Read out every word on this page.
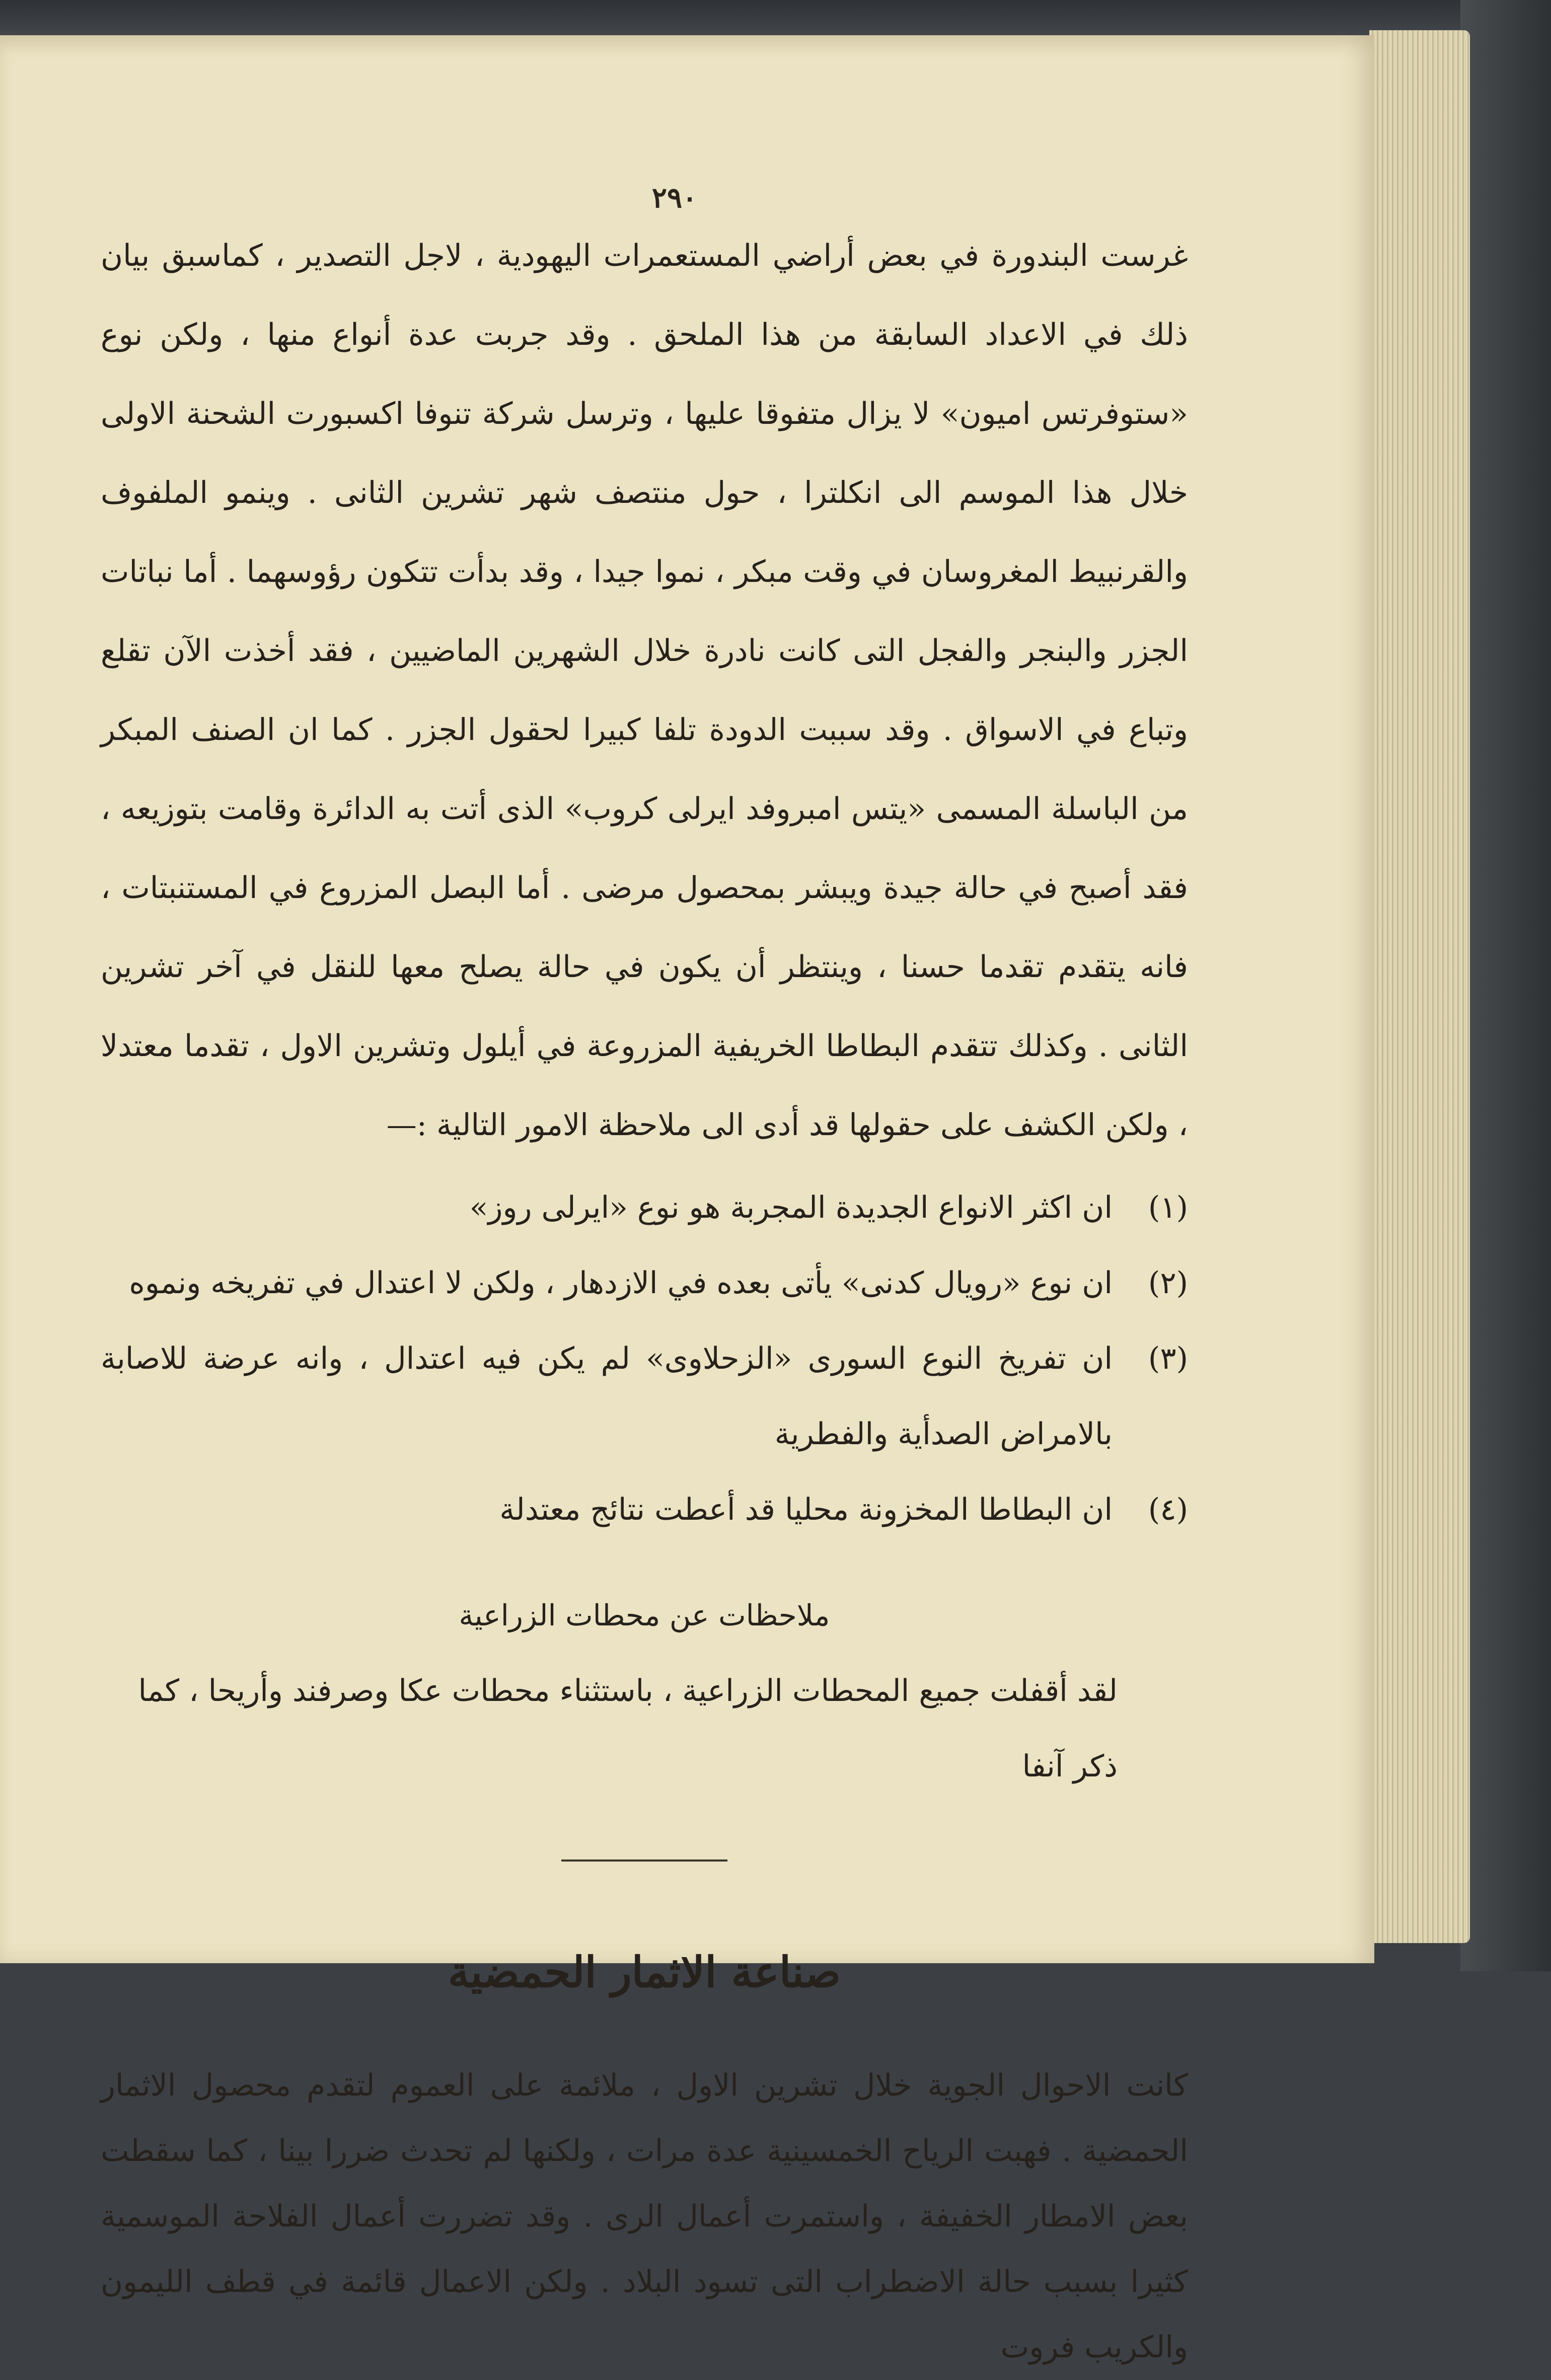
٢٩٠

غرست البندورة في بعض أراضي المستعمرات اليهودية ، لاجل التصدير ، كماسبق بيان ذلك في الاعداد السابقة من هذا الملحق . وقد جربت عدة أنواع منها ، ولكن نوع «ستوفرتس اميون» لا يزال متفوقا عليها ، وترسل شركة تنوفا اكسبورت الشحنة الاولى خلال هذا الموسم الى انكلترا ، حول منتصف شهر تشرين الثانى . وينمو الملفوف والقرنبيط المغروسان في وقت مبكر ، نموا جيدا ، وقد بدأت تتكون رؤوسهما . أما نباتات الجزر والبنجر والفجل التى كانت نادرة خلال الشهرين الماضيين ، فقد أخذت الآن تقلع وتباع في الاسواق . وقد سببت الدودة تلفا كبيرا لحقول الجزر . كما ان الصنف المبكر من الباسلة المسمى «يتس امبروفد ايرلى كروب» الذى أتت به الدائرة وقامت بتوزيعه ، فقد أصبح في حالة جيدة ويبشر بمحصول مرضى . أما البصل المزروع في المستنبتات ، فانه يتقدم تقدما حسنا ، وينتظر أن يكون في حالة يصلح معها للنقل في آخر تشرين الثانى . وكذلك تتقدم البطاطا الخريفية المزروعة في أيلول وتشرين الاول ، تقدما معتدلا ، ولكن الكشف على حقولها قد أدى الى ملاحظة الامور التالية :—

(١)
ان اكثر الانواع الجديدة المجربة هو نوع «ايرلى روز»
(٢)
ان نوع «رويال كدنى» يأتى بعده في الازدهار ، ولكن لا اعتدال في تفريخه ونموه
(٣)
ان تفريخ النوع السورى «الزحلاوى» لم يكن فيه اعتدال ، وانه عرضة للاصابة بالامراض الصدأية والفطرية
(٤)
ان البطاطا المخزونة محليا قد أعطت نتائج معتدلة

ملاحظات عن محطات الزراعية

لقد أقفلت جميع المحطات الزراعية ، باستثناء محطات عكا وصرفند وأريحا ، كما ذكر آنفا

صناعة الاثمار الحمضية

كانت الاحوال الجوية خلال تشرين الاول ، ملائمة على العموم لتقدم محصول الاثمار الحمضية . فهبت الرياح الخمسينية عدة مرات ، ولكنها لم تحدث ضررا بينا ، كما سقطت بعض الامطار الخفيفة ، واستمرت أعمال الرى . وقد تضررت أعمال الفلاحة الموسمية كثيرا بسبب حالة الاضطراب التى تسود البلاد . ولكن الاعمال قائمة في قطف الليمون والكريب فروت
